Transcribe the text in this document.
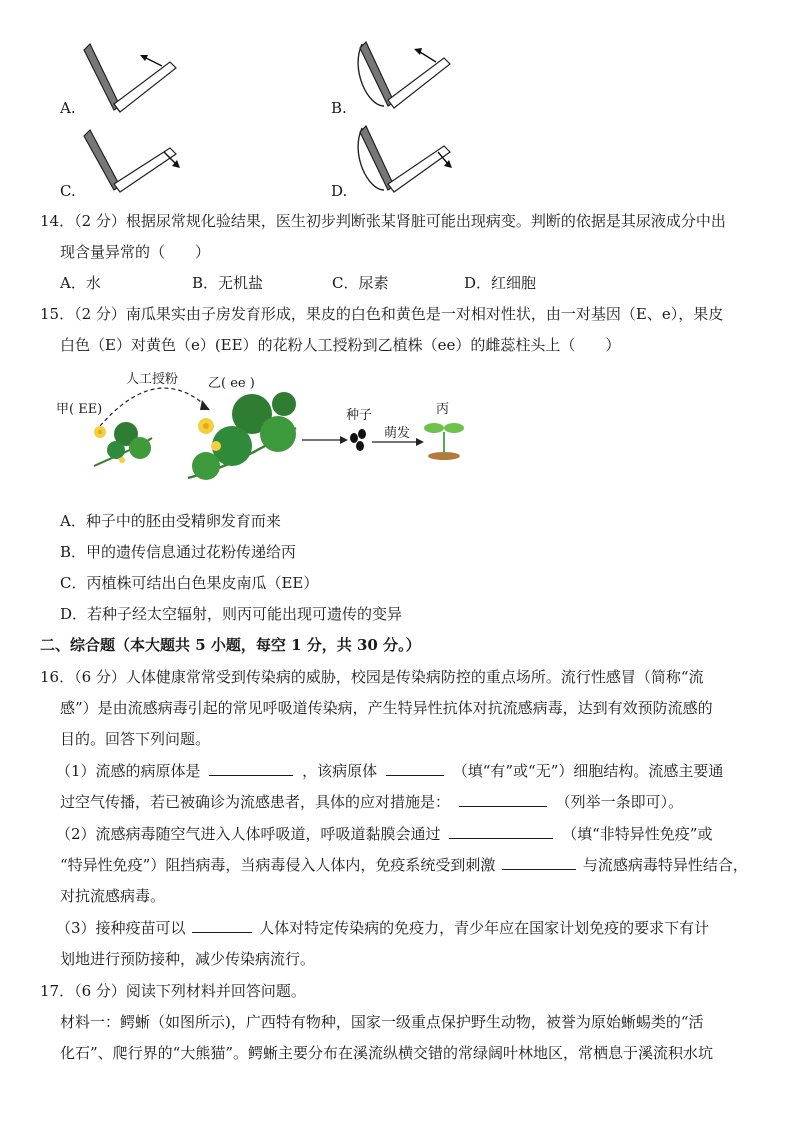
A.	B.
C.	D.
14．（2 分）根据尿常规化验结果，医生初步判断张某肾脏可能出现病变。判断的依据是其尿液成分中出
现含量异常的（　　）
A．水	B．无机盐	C．尿素	D．红细胞
15．（2 分）南瓜果实由子房发育形成，果皮的白色和黄色是一对相对性状，由一对基因（E、e），果皮
白色（E）对黄色（e）(EE）的花粉人工授粉到乙植株（ee）的雌蕊柱头上（　　）
甲( EE)
人工授粉 乙( ee )
种子
萌发
丙
A．种子中的胚由受精卵发育而来
B．甲的遗传信息通过花粉传递给丙
C．丙植株可结出白色果皮南瓜（EE）
D．若种子经太空辐射，则丙可能出现可遗传的变异
二、综合题（本大题共 5 小题，每空 1 分，共 30 分。）
16．（6 分）人体健康常常受到传染病的威胁，校园是传染病防控的重点场所。流行性感冒（简称“流
感”）是由流感病毒引起的常见呼吸道传染病，产生特异性抗体对抗流感病毒，达到有效预防流感的
目的。回答下列问题。
（1）流感的病原体是	，该病原体	（填“有”或“无”）细胞结构。流感主要通
过空气传播，若已被确诊为流感患者，具体的应对措施是：	（列举一条即可）。
（2）流感病毒随空气进入人体呼吸道，呼吸道黏膜会通过	（填“非特异性免疫”或
“特异性免疫”）阻挡病毒，当病毒侵入人体内，免疫系统受到刺激	与流感病毒特异性结合，
对抗流感病毒。
（3）接种疫苗可以	人体对特定传染病的免疫力，青少年应在国家计划免疫的要求下有计
划地进行预防接种，减少传染病流行。
17．（6 分）阅读下列材料并回答问题。
材料一：鳄蜥（如图所示)，广西特有物种，国家一级重点保护野生动物，被誉为原始蜥蜴类的“活
化石”、爬行界的“大熊猫”。鳄蜥主要分布在溪流纵横交错的常绿阔叶林地区，常栖息于溪流积水坑
